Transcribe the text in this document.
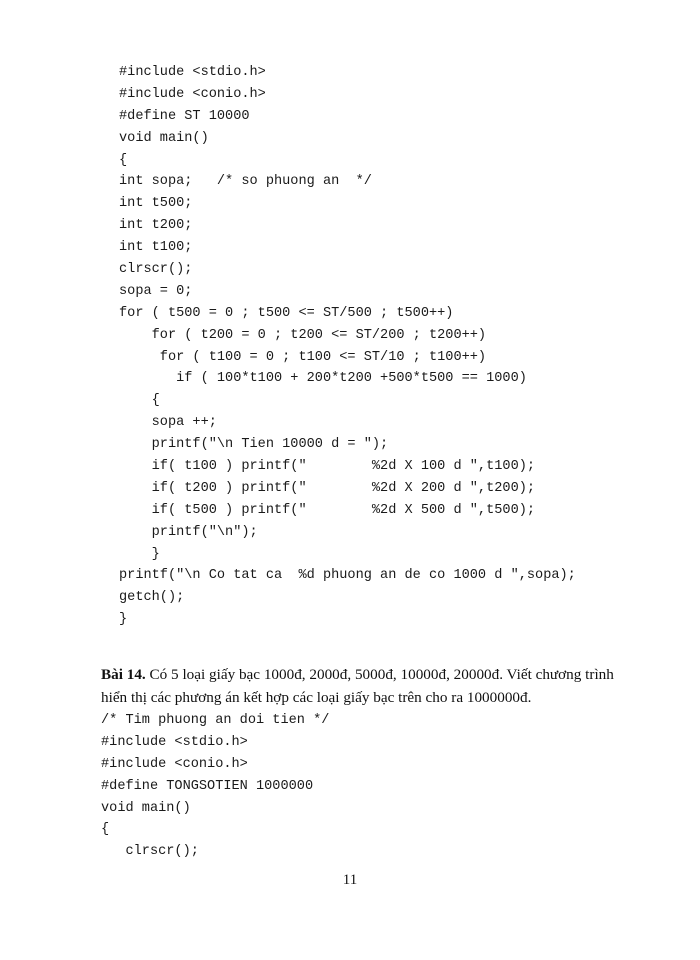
#include <stdio.h>
#include <conio.h>
#define ST 10000
void main()
{
int sopa;   /* so phuong an  */
int t500;
int t200;
int t100;
clrscr();
sopa = 0;
for ( t500 = 0 ; t500 <= ST/500 ; t500++)
for ( t200 = 0 ; t200 <= ST/200 ; t200++)
for ( t100 = 0 ; t100 <= ST/10 ; t100++)
if ( 100*t100 + 200*t200 +500*t500 == 1000)
{
sopa ++;
printf("\n Tien 10000 d = ");
if( t100 ) printf("        %2d X 100 d ",t100);
if( t200 ) printf("        %2d X 200 d ",t200);
if( t500 ) printf("        %2d X 500 d ",t500);
printf("\n");
}
printf("\n Co tat ca  %d phuong an de co 1000 d ",sopa);
getch();
}
Bài 14. Có 5 loại giấy bạc 1000đ, 2000đ, 5000đ, 10000đ, 20000đ. Viết chương trình hiển thị các phương án kết hợp các loại giấy bạc trên cho ra 1000000đ.
/* Tim phuong an doi tien */
#include <stdio.h>
#include <conio.h>
#define TONGSOTIEN 1000000
void main()
{
clrscr();
11
